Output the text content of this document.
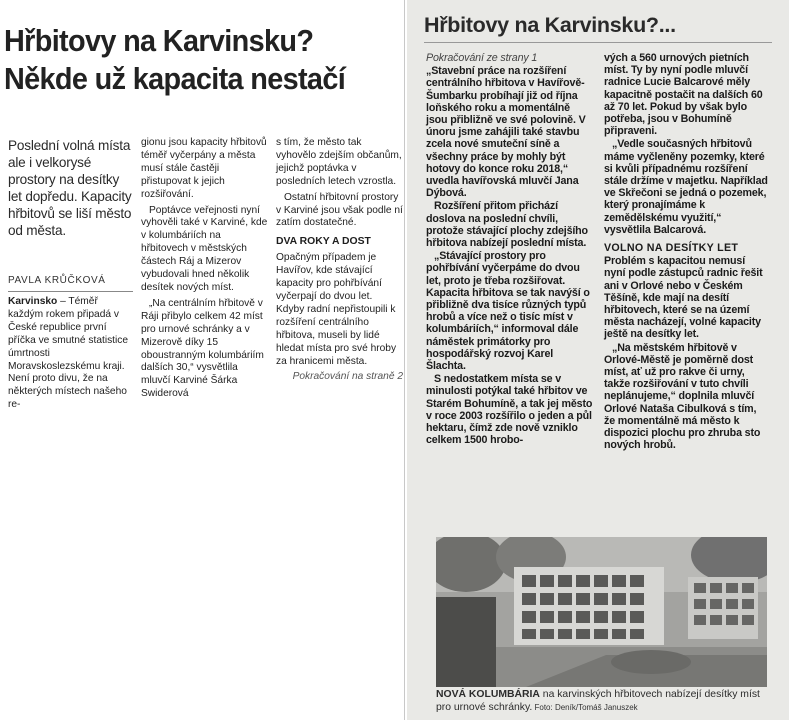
Hřbitovy na Karvinsku?
Někde už kapacita nestačí

Poslední volná místa ale i velkorysé prostory na desítky let dopředu. Kapacity hřbitovů se liší město od města.

PAVLA KRŮČKOVÁ

Karvinsko – Téměř každým rokem připadá v České republice první příčka ve smutné statistice úmrtnosti Moravskoslezskému kraji. Není proto divu, že na některých místech našeho re-

gionu jsou kapacity hřbitovů téměř vyčerpány a města musí stále častěji přistupovat k jejich rozšiřování.

Poptávce veřejnosti nyní vyhověli také v Karviné, kde v kolumbáriích na hřbitovech v městských částech Ráj a Mizerov vybudovali hned několik desítek nových míst.

„Na centrálním hřbitově v Ráji přibylo celkem 42 míst pro urnové schránky a v Mizerově díky 15 oboustranným kolumbáriím dalších 30,“ vysvětlila mluvčí Karviné Šárka Swiderová

s tím, že město tak vyhovělo zdejším občanům, jejichž poptávka v posledních letech vzrostla.

Ostatní hřbitovní prostory v Karviné jsou však podle ní zatím dostatečné.

DVA ROKY A DOST

Opačným případem je Havířov, kde stávající kapacity pro pohřbívání vyčerpají do dvou let. Kdyby radní nepřistoupili k rozšíření centrálního hřbitova, museli by lidé hledat místa pro své hroby za hranicemi města.

Pokračování na straně 2

Hřbitovy na Karvinsku?...

Pokračování ze strany 1

„Stavební práce na rozšíření centrálního hřbitova v Havířově-Šumbarku probíhají již od října loňského roku a momentálně jsou přibližně ve své polovině. V únoru jsme zahájili také stavbu zcela nové smuteční síně a všechny práce by mohly být hotovy do konce roku 2018,“ uvedla havířovská mluvčí Jana Dýbová.

Rozšíření přitom přichází doslova na poslední chvíli, protože stávající plochy zdejšího hřbitova nabízejí poslední místa.

„Stávající prostory pro pohřbívání vyčerpáme do dvou let, proto je třeba rozšiřovat. Kapacita hřbitova se tak navýší o přibližně dva tisíce různých typů hrobů a více než o tisíc míst v kolumbáriích,“ informoval dále náměstek primátorky pro hospodářský rozvoj Karel Šlachta.

S nedostatkem místa se v minulosti potýkal také hřbitov ve Starém Bohumíně, a tak jej město v roce 2003 rozšířilo o jeden a půl hektaru, čímž zde nově vzniklo celkem 1500 hrobo-

vých a 560 urnových pietních míst. Ty by nyní podle mluvčí radnice Lucie Balcarové měly kapacitně postačit na dalších 60 až 70 let. Pokud by však bylo potřeba, jsou v Bohumíně připraveni.

„Vedle současných hřbitovů máme vyčleněny pozemky, které si kvůli případnému rozšíření stále držíme v majetku. Například ve Skřečoni se jedná o pozemek, který pronajímáme k zemědělskému využití,“ vysvětlila Balcarová.

VOLNO NA DESÍTKY LET

Problém s kapacitou nemusí nyní podle zástupců radnic řešit ani v Orlové nebo v Českém Těšíně, kde mají na desítí hřbitovech, které se na území města nacházejí, volné kapacity ještě na desítky let.

„Na městském hřbitově v Orlové-Městě je poměrně dost míst, ať už pro rakve či urny, takže rozšiřování v tuto chvíli neplánujeme,“ doplnila mluvčí Orlové Nataša Cibulková s tím, že momentálně má město k dispozici plochu pro zhruba sto nových hrobů.

NOVÁ KOLUMBÁRIA na karvinských hřbitovech nabízejí desítky míst pro urnové schránky. Foto: Deník/Tomáš Januszek
